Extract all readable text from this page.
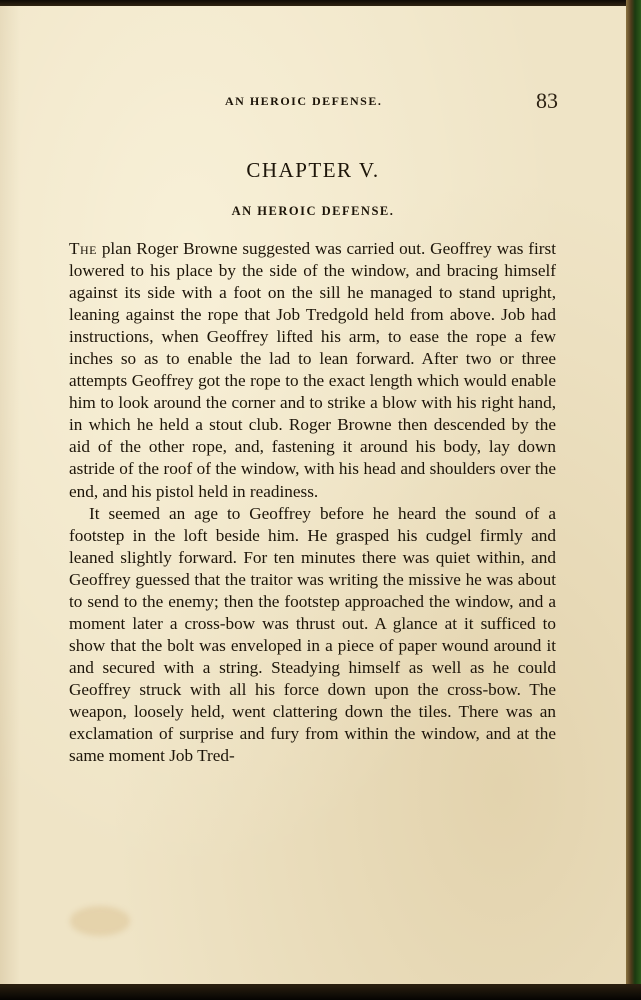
AN HEROIC DEFENSE.	83
CHAPTER V.
AN HEROIC DEFENSE.

The plan Roger Browne suggested was carried out. Geoffrey was first lowered to his place by the side of the window, and bracing himself against its side with a foot on the sill he managed to stand upright, leaning against the rope that Job Tredgold held from above. Job had instructions, when Geoffrey lifted his arm, to ease the rope a few inches so as to enable the lad to lean forward. After two or three attempts Geoffrey got the rope to the exact length which would enable him to look around the corner and to strike a blow with his right hand, in which he held a stout club. Roger Browne then descended by the aid of the other rope, and, fastening it around his body, lay down astride of the roof of the window, with his head and shoulders over the end, and his pistol held in readiness.

It seemed an age to Geoffrey before he heard the sound of a footstep in the loft beside him. He grasped his cudgel firmly and leaned slightly forward. For ten minutes there was quiet within, and Geoffrey guessed that the traitor was writing the missive he was about to send to the enemy; then the footstep approached the window, and a moment later a cross-bow was thrust out. A glance at it sufficed to show that the bolt was enveloped in a piece of paper wound around it and secured with a string. Steadying himself as well as he could Geoffrey struck with all his force down upon the cross-bow. The weapon, loosely held, went clattering down the tiles. There was an exclamation of surprise and fury from within the window, and at the same moment Job Tred-
